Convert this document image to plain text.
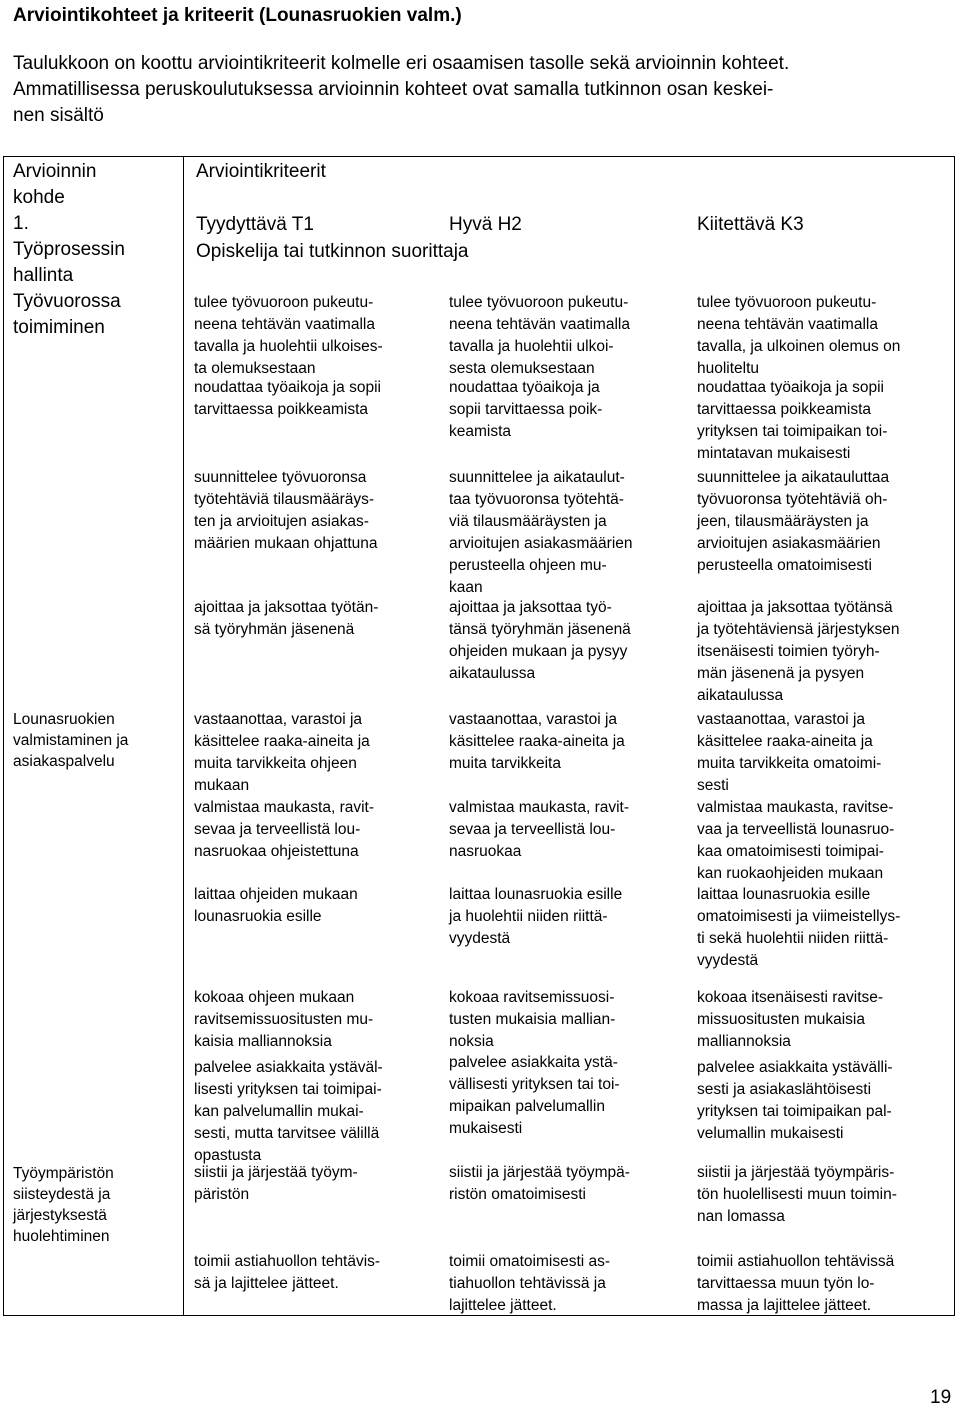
Arviointikohteet ja kriteerit (Lounasruokien valm.)

Taulukkoon on koottu arviointikriteerit kolmelle eri osaamisen tasolle sekä arvioinnin kohteet.

Ammatillisessa peruskoulutuksessa arvioinnin kohteet ovat samalla tutkinnon osan keskei-

nen sisältö

Arvioinnin
kohde
1.
Työprosessin
hallinta
Työvuorossa
toimiminen
Lounasruokien
valmistaminen ja
asiakaspalvelu
Työympäristön
siisteydestä ja
järjestyksestä
huolehtiminen
Arviointikriteerit
Tyydyttävä T1	Hyvä H2	Kiitettävä K3
Opiskelija tai tutkinnon suorittaja
tulee työvuoroon pukeutu-
neena tehtävän vaatimalla
tavalla ja huolehtii ulkoises-
ta olemuksestaan
noudattaa työaikoja ja sopii
tarvittaessa poikkeamista
suunnittelee työvuoronsa
työtehtäviä tilausmääräys-
ten ja arvioitujen asiakas-
määrien mukaan ohjattuna
ajoittaa ja jaksottaa työtän-
sä työryhmän jäsenenä
vastaanottaa, varastoi ja
käsittelee raaka-aineita ja
muita tarvikkeita ohjeen
mukaan
valmistaa maukasta, ravit-
sevaa ja terveellistä lou-
nasruokaa ohjeistettuna
laittaa ohjeiden mukaan
lounasruokia esille
kokoaa ohjeen mukaan
ravitsemissuositusten mu-
kaisia malliannoksia
palvelee asiakkaita ystäväl-
lisesti yrityksen tai toimipai-
kan palvelumallin mukai-
sesti, mutta tarvitsee välillä
opastusta
siistii ja järjestää työym-
päristön
toimii astiahuollon tehtävis-
sä ja lajittelee jätteet.
tulee työvuoroon pukeutu-
neena tehtävän vaatimalla
tavalla ja huolehtii ulkoi-
sesta olemuksestaan
noudattaa työaikoja ja
sopii tarvittaessa poik-
keamista
suunnittelee ja aikataulut-
taa työvuoronsa työtehtä-
viä tilausmääräysten ja
arvioitujen asiakasmäärien
perusteella ohjeen mu-
kaan
ajoittaa ja jaksottaa työ-
tänsä työryhmän jäsenenä
ohjeiden mukaan ja pysyy
aikataulussa
vastaanottaa, varastoi ja
käsittelee raaka-aineita ja
muita tarvikkeita
valmistaa maukasta, ravit-
sevaa ja terveellistä lou-
nasruokaa
laittaa lounasruokia esille
ja huolehtii niiden riittä-
vyydestä
kokoaa ravitsemissuosi-
tusten mukaisia mallian-
noksia
palvelee asiakkaita ystä-
vällisesti yrityksen tai toi-
mipaikan palvelumallin
mukaisesti
siistii ja järjestää työympä-
ristön omatoimisesti
toimii omatoimisesti as-
tiahuollon tehtävissä ja
lajittelee jätteet.
tulee työvuoroon pukeutu-
neena tehtävän vaatimalla
tavalla, ja ulkoinen olemus on
huoliteltu
noudattaa työaikoja ja sopii
tarvittaessa poikkeamista
yrityksen tai toimipaikan toi-
mintatavan mukaisesti
suunnittelee ja aikatauluttaa
työvuoronsa työtehtäviä oh-
jeen, tilausmääräysten ja
arvioitujen asiakasmäärien
perusteella omatoimisesti
ajoittaa ja jaksottaa työtänsä
ja työtehtäviensä järjestyksen
itsenäisesti toimien työryh-
män jäsenenä ja pysyen
aikataulussa
vastaanottaa, varastoi ja
käsittelee raaka-aineita ja
muita tarvikkeita omatoimi-
sesti
valmistaa maukasta, ravitse-
vaa ja terveellistä lounasruo-
kaa omatoimisesti toimipai-
kan ruokaohjeiden mukaan
laittaa lounasruokia esille
omatoimisesti ja viimeistellys-
ti sekä huolehtii niiden riittä-
vyydestä
kokoaa itsenäisesti ravitse-
missuositusten mukaisia
malliannoksia
palvelee asiakkaita ystävälli-
sesti ja asiakaslähtöisesti
yrityksen tai toimipaikan pal-
velumallin mukaisesti
siistii ja järjestää työympäris-
tön huolellisesti muun toimin-
nan lomassa
toimii astiahuollon tehtävissä
tarvittaessa muun työn lo-
massa ja lajittelee jätteet.
19
